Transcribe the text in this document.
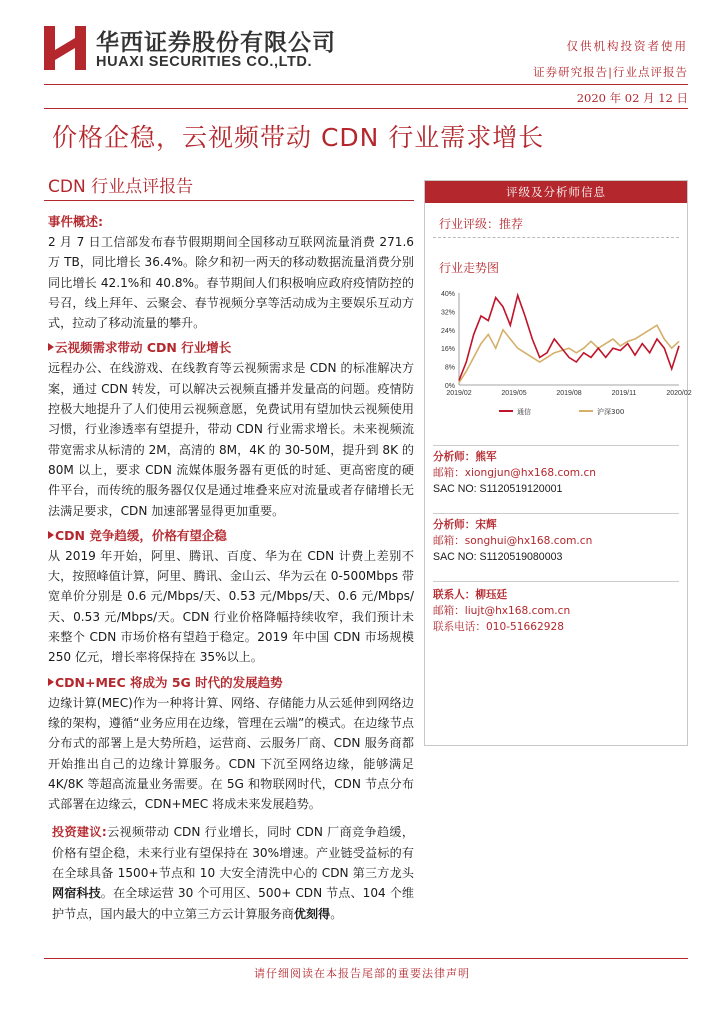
华西证券股份有限公司
HUAXI SECURITIES CO.,LTD.
仅供机构投资者使用
证券研究报告|行业点评报告
2020 年 02 月 12 日
价格企稳，云视频带动 CDN 行业需求增长
CDN 行业点评报告
事件概述:
2 月 7 日工信部发布春节假期期间全国移动互联网流量消费 271.6 万 TB，同比增长 36.4%。除夕和初一两天的移动数据流量消费分别同比增长 42.1%和 40.8%。春节期间人们积极响应政府疫情防控的号召，线上拜年、云聚会、春节视频分享等活动成为主要娱乐互动方式，拉动了移动流量的攀升。
云视频需求带动 CDN 行业增长
远程办公、在线游戏、在线教育等云视频需求是 CDN 的标准解决方案，通过 CDN 转发，可以解决云视频直播并发量高的问题。疫情防控极大地提升了人们使用云视频意愿，免费试用有望加快云视频使用习惯，行业渗透率有望提升，带动 CDN 行业需求增长。未来视频流带宽需求从标清的 2M，高清的 8M，4K 的 30-50M，提升到 8K 的 80M 以上，要求 CDN 流媒体服务器有更低的时延、更高密度的硬件平台，而传统的服务器仅仅是通过堆叠来应对流量或者存储增长无法满足要求，CDN 加速部署显得更加重要。
CDN 竞争趋缓，价格有望企稳
从 2019 年开始，阿里、腾讯、百度、华为在 CDN 计费上差别不大，按照峰值计算，阿里、腾讯、金山云、华为云在 0-500Mbps 带宽单价分别是 0.6 元/Mbps/天、0.53 元/Mbps/天、0.6 元/Mbps/天、0.53 元/Mbps/天。CDN 行业价格降幅持续收窄，我们预计未来整个 CDN 市场价格有望趋于稳定。2019 年中国 CDN 市场规模 250 亿元，增长率将保持在 35%以上。
CDN+MEC 将成为 5G 时代的发展趋势
边缘计算(MEC)作为一种将计算、网络、存储能力从云延伸到网络边缘的架构，遵循“业务应用在边缘，管理在云端”的模式。在边缘节点分布式的部署上是大势所趋，运营商、云服务厂商、CDN 服务商都开始推出自己的边缘计算服务。CDN 下沉至网络边缘，能够满足 4K/8K 等超高流量业务需要。在 5G 和物联网时代，CDN 节点分布式部署在边缘云，CDN+MEC 将成未来发展趋势。
投资建议:云视频带动 CDN 行业增长，同时 CDN 厂商竞争趋缓，价格有望企稳，未来行业有望保持在 30%增速。产业链受益标的有在全球具备 1500+节点和 10 大安全清洗中心的 CDN 第三方龙头网宿科技。在全球运营 30 个可用区、500+ CDN 节点、104 个维护节点，国内最大的中立第三方云计算服务商优刻得。
评级及分析师信息
行业评级：推荐
行业走势图
40%
32%
24%
16%
8%
0%
2019/02	2019/05	2019/08	2019/11	2020/02
通信	沪深300
分析师：熊军
邮箱：xiongjun@hx168.com.cn
SAC NO: S1120519120001
分析师：宋辉
邮箱：songhui@hx168.com.cn
SAC NO: S1120519080003
联系人：柳珏廷
邮箱：liujt@hx168.com.cn
联系电话：010-51662928
请仔细阅读在本报告尾部的重要法律声明
